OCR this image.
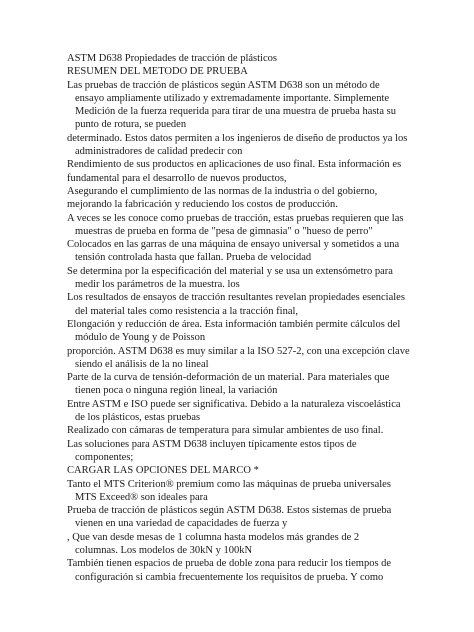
ASTM D638 Propiedades de tracción de plásticos
RESUMEN DEL METODO DE PRUEBA
Las pruebas de tracción de plásticos según ASTM D638 son un método de
ensayo ampliamente utilizado y extremadamente importante. Simplemente
Medición de la fuerza requerida para tirar de una muestra de prueba hasta su
punto de rotura, se pueden
determinado. Estos datos permiten a los ingenieros de diseño de productos ya los
administradores de calidad predecir con
Rendimiento de sus productos en aplicaciones de uso final. Esta información es
fundamental para el desarrollo de nuevos productos,
Asegurando el cumplimiento de las normas de la industria o del gobierno,
mejorando la fabricación y reduciendo los costos de producción.
A veces se les conoce como pruebas de tracción, estas pruebas requieren que las
muestras de prueba en forma de "pesa de gimnasia" o "hueso de perro"
Colocados en las garras de una máquina de ensayo universal y sometidos a una
tensión controlada hasta que fallan. Prueba de velocidad
Se determina por la especificación del material y se usa un extensómetro para
medir los parámetros de la muestra. los
Los resultados de ensayos de tracción resultantes revelan propiedades esenciales
del material tales como resistencia a la tracción final,
Elongación y reducción de área. Esta información también permite cálculos del
módulo de Young y de Poisson
proporción. ASTM D638 es muy similar a la ISO 527-2, con una excepción clave
siendo el análisis de la no lineal
Parte de la curva de tensión-deformación de un material. Para materiales que
tienen poca o ninguna región lineal, la variación
Entre ASTM e ISO puede ser significativa. Debido a la naturaleza viscoelástica
de los plásticos, estas pruebas
Realizado con cámaras de temperatura para simular ambientes de uso final.
Las soluciones para ASTM D638 incluyen típicamente estos tipos de
componentes;
CARGAR LAS OPCIONES DEL MARCO *
Tanto el MTS Criterion® premium como las máquinas de prueba universales
MTS Exceed® son ideales para
Prueba de tracción de plásticos según ASTM D638. Estos sistemas de prueba
vienen en una variedad de capacidades de fuerza y
, Que van desde mesas de 1 columna hasta modelos más grandes de 2
columnas. Los modelos de 30kN y 100kN
También tienen espacios de prueba de doble zona para reducir los tiempos de
configuración si cambia frecuentemente los requisitos de prueba. Y como
